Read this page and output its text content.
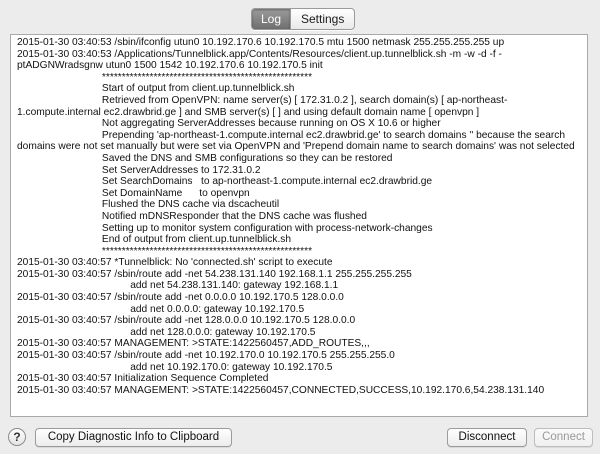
Log	Settings
2015-01-30 03:40:53 /sbin/ifconfig utun0 10.192.170.6 10.192.170.5 mtu 1500 netmask 255.255.255.255 up
2015-01-30 03:40:53 /Applications/Tunnelblick.app/Contents/Resources/client.up.tunnelblick.sh -m -w -d -f -ptADGNWradsgnw utun0 1500 1542 10.192.170.6 10.192.170.5 init
*****************************************************
Start of output from client.up.tunnelblick.sh
Retrieved from OpenVPN: name server(s) [ 172.31.0.2 ], search domain(s) [ ap-northeast-1.compute.internal ec2.drawbrid.ge ] and SMB server(s) [ ] and using default domain name [ openvpn ]
Not aggregating ServerAddresses because running on OS X 10.6 or higher
Prepending 'ap-northeast-1.compute.internal ec2.drawbrid.ge' to search domains '' because the search domains were not set manually but were set via OpenVPN and 'Prepend domain name to search domains' was not selected
Saved the DNS and SMB configurations so they can be restored
Set ServerAddresses to 172.31.0.2
Set SearchDomains   to ap-northeast-1.compute.internal ec2.drawbrid.ge
Set DomainName      to openvpn
Flushed the DNS cache via dscacheutil
Notified mDNSResponder that the DNS cache was flushed
Setting up to monitor system configuration with process-network-changes
End of output from client.up.tunnelblick.sh
*****************************************************
2015-01-30 03:40:57 *Tunnelblick: No 'connected.sh' script to execute
2015-01-30 03:40:57 /sbin/route add -net 54.238.131.140 192.168.1.1 255.255.255.255
add net 54.238.131.140: gateway 192.168.1.1
2015-01-30 03:40:57 /sbin/route add -net 0.0.0.0 10.192.170.5 128.0.0.0
add net 0.0.0.0: gateway 10.192.170.5
2015-01-30 03:40:57 /sbin/route add -net 128.0.0.0 10.192.170.5 128.0.0.0
add net 128.0.0.0: gateway 10.192.170.5
2015-01-30 03:40:57 MANAGEMENT: >STATE:1422560457,ADD_ROUTES,,,
2015-01-30 03:40:57 /sbin/route add -net 10.192.170.0 10.192.170.5 255.255.255.0
add net 10.192.170.0: gateway 10.192.170.5
2015-01-30 03:40:57 Initialization Sequence Completed
2015-01-30 03:40:57 MANAGEMENT: >STATE:1422560457,CONNECTED,SUCCESS,10.192.170.6,54.238.131.140
?	Copy Diagnostic Info to Clipboard	Disconnect	Connect
